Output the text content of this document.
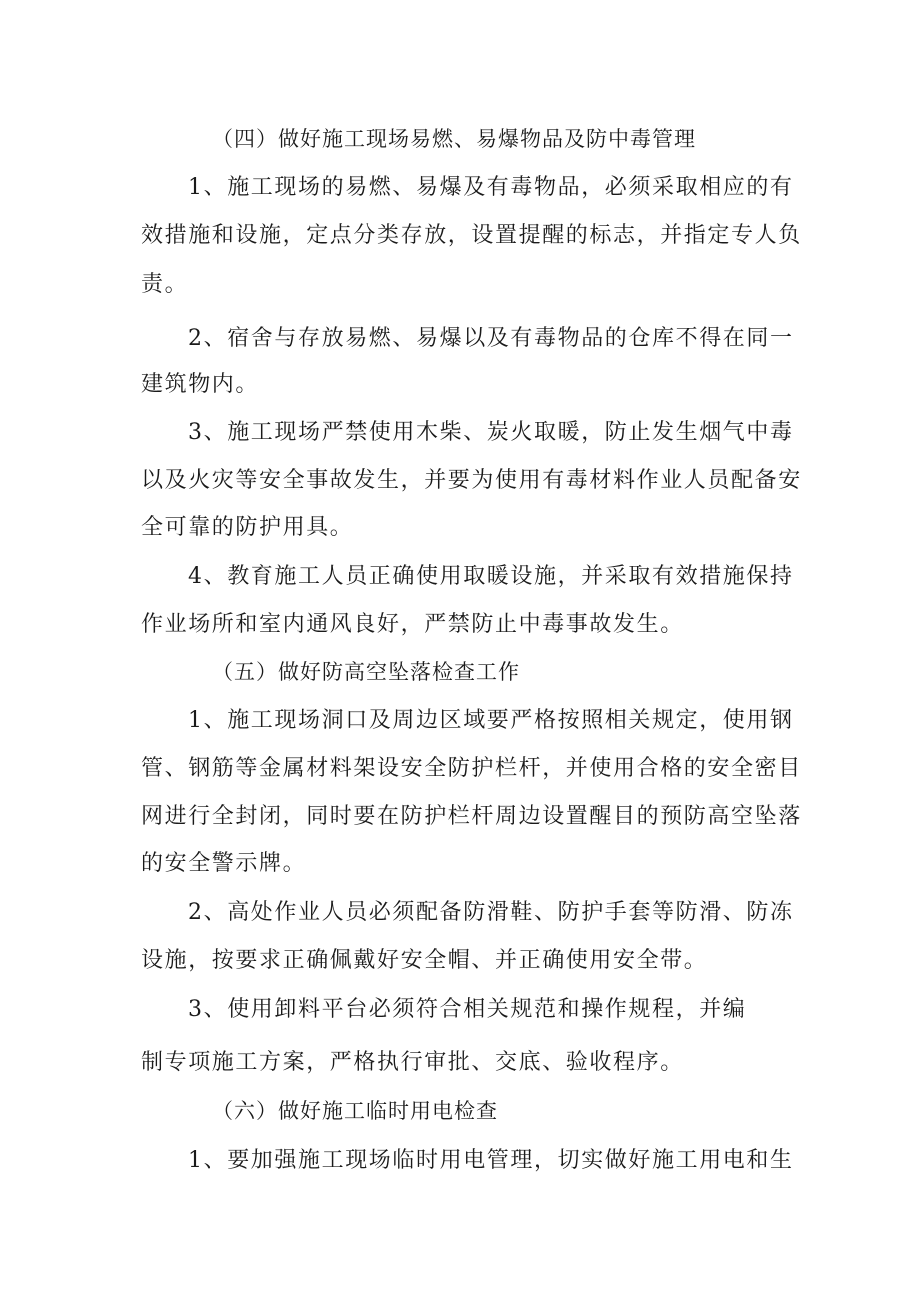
（四）做好施工现场易燃、易爆物品及防中毒管理
1、施工现场的易燃、易爆及有毒物品，必须采取相应的有
效措施和设施，定点分类存放，设置提醒的标志，并指定专人负
责。
2、宿舍与存放易燃、易爆以及有毒物品的仓库不得在同一
建筑物内。
3、施工现场严禁使用木柴、炭火取暖，防止发生烟气中毒
以及火灾等安全事故发生，并要为使用有毒材料作业人员配备安
全可靠的防护用具。
4、教育施工人员正确使用取暖设施，并采取有效措施保持
作业场所和室内通风良好，严禁防止中毒事故发生。
（五）做好防高空坠落检查工作
1、施工现场洞口及周边区域要严格按照相关规定，使用钢
管、钢筋等金属材料架设安全防护栏杆，并使用合格的安全密目
网进行全封闭，同时要在防护栏杆周边设置醒目的预防高空坠落
的安全警示牌。
2、高处作业人员必须配备防滑鞋、防护手套等防滑、防冻
设施，按要求正确佩戴好安全帽、并正确使用安全带。
3、使用卸料平台必须符合相关规范和操作规程，并编
制专项施工方案，严格执行审批、交底、验收程序。
（六）做好施工临时用电检查
1、要加强施工现场临时用电管理，切实做好施工用电和生
